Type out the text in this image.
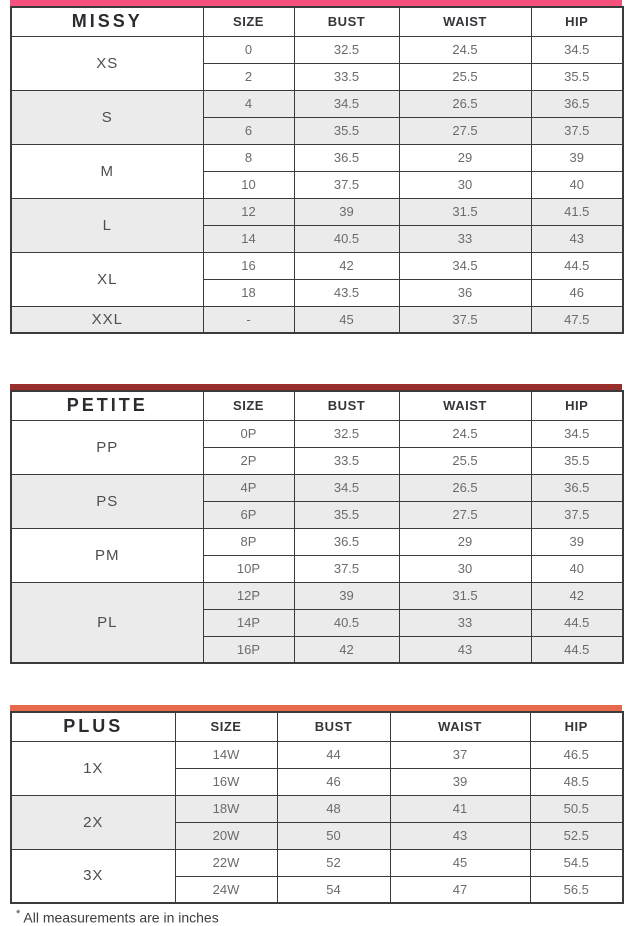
MISSY	SIZE	BUST	WAIST	HIP
XS	0	32.5	24.5	34.5
	2	33.5	25.5	35.5
S	4	34.5	26.5	36.5
	6	35.5	27.5	37.5
M	8	36.5	29	39
	10	37.5	30	40
L	12	39	31.5	41.5
	14	40.5	33	43
XL	16	42	34.5	44.5
	18	43.5	36	46
XXL	-	45	37.5	47.5
PETITE	SIZE	BUST	WAIST	HIP
PP	0P	32.5	24.5	34.5
	2P	33.5	25.5	35.5
PS	4P	34.5	26.5	36.5
	6P	35.5	27.5	37.5
PM	8P	36.5	29	39
	10P	37.5	30	40
PL	12P	39	31.5	42
	14P	40.5	33	44.5
	16P	42	43	44.5
PLUS	SIZE	BUST	WAIST	HIP
1X	14W	44	37	46.5
	16W	46	39	48.5
2X	18W	48	41	50.5
	20W	50	43	52.5
3X	22W	52	45	54.5
	24W	54	47	56.5
* All measurements are in inches
